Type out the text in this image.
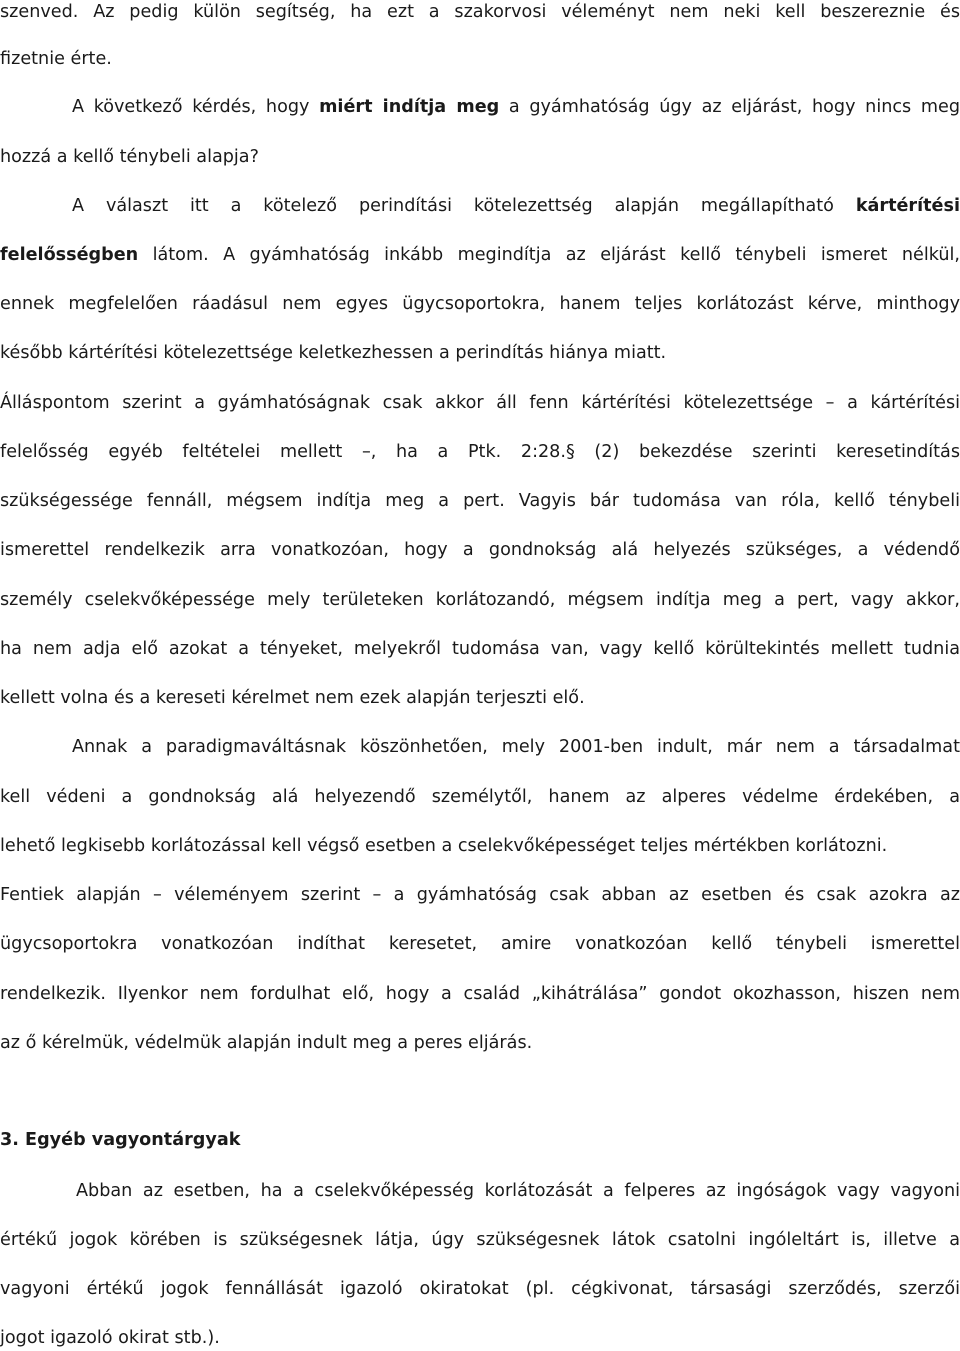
szenved. Az pedig külön segítség, ha ezt a szakorvosi véleményt nem neki kell beszereznie és
fizetnie érte.
A következő kérdés, hogy miért indítja meg a gyámhatóság úgy az eljárást, hogy nincs meg
hozzá a kellő ténybeli alapja?
A választ itt a kötelező perindítási kötelezettség alapján megállapítható kártérítési
felelősségben látom. A gyámhatóság inkább megindítja az eljárást kellő ténybeli ismeret nélkül,
ennek megfelelően ráadásul nem egyes ügycsoportokra, hanem teljes korlátozást kérve, minthogy
később kártérítési kötelezettsége keletkezhessen a perindítás hiánya miatt.
Álláspontom szerint a gyámhatóságnak csak akkor áll fenn kártérítési kötelezettsége – a kártérítési
felelősség egyéb feltételei mellett –, ha a Ptk. 2:28.§ (2) bekezdése szerinti keresetindítás
szükségessége fennáll, mégsem indítja meg a pert. Vagyis bár tudomása van róla, kellő ténybeli
ismerettel rendelkezik arra vonatkozóan, hogy a gondnokság alá helyezés szükséges, a védendő
személy cselekvőképessége mely területeken korlátozandó, mégsem indítja meg a pert, vagy akkor,
ha nem adja elő azokat a tényeket, melyekről tudomása van, vagy kellő körültekintés mellett tudnia
kellett volna és a kereseti kérelmet nem ezek alapján terjeszti elő.
Annak a paradigmaváltásnak köszönhetően, mely 2001-ben indult, már nem a társadalmat
kell védeni a gondnokság alá helyezendő személytől, hanem az alperes védelme érdekében, a
lehető legkisebb korlátozással kell végső esetben a cselekvőképességet teljes mértékben korlátozni.
Fentiek alapján – véleményem szerint – a gyámhatóság csak abban az esetben és csak azokra az
ügycsoportokra vonatkozóan indíthat keresetet, amire vonatkozóan kellő ténybeli ismerettel
rendelkezik. Ilyenkor nem fordulhat elő, hogy a család „kihátrálása” gondot okozhasson, hiszen nem
az ő kérelmük, védelmük alapján indult meg a peres eljárás.
3. Egyéb vagyontárgyak
Abban az esetben, ha a cselekvőképesség korlátozását a felperes az ingóságok vagy vagyoni
értékű jogok körében is szükségesnek látja, úgy szükségesnek látok csatolni ingóleltárt is, illetve a
vagyoni értékű jogok fennállását igazoló okiratokat (pl. cégkivonat, társasági szerződés, szerzői
jogot igazoló okirat stb.).
